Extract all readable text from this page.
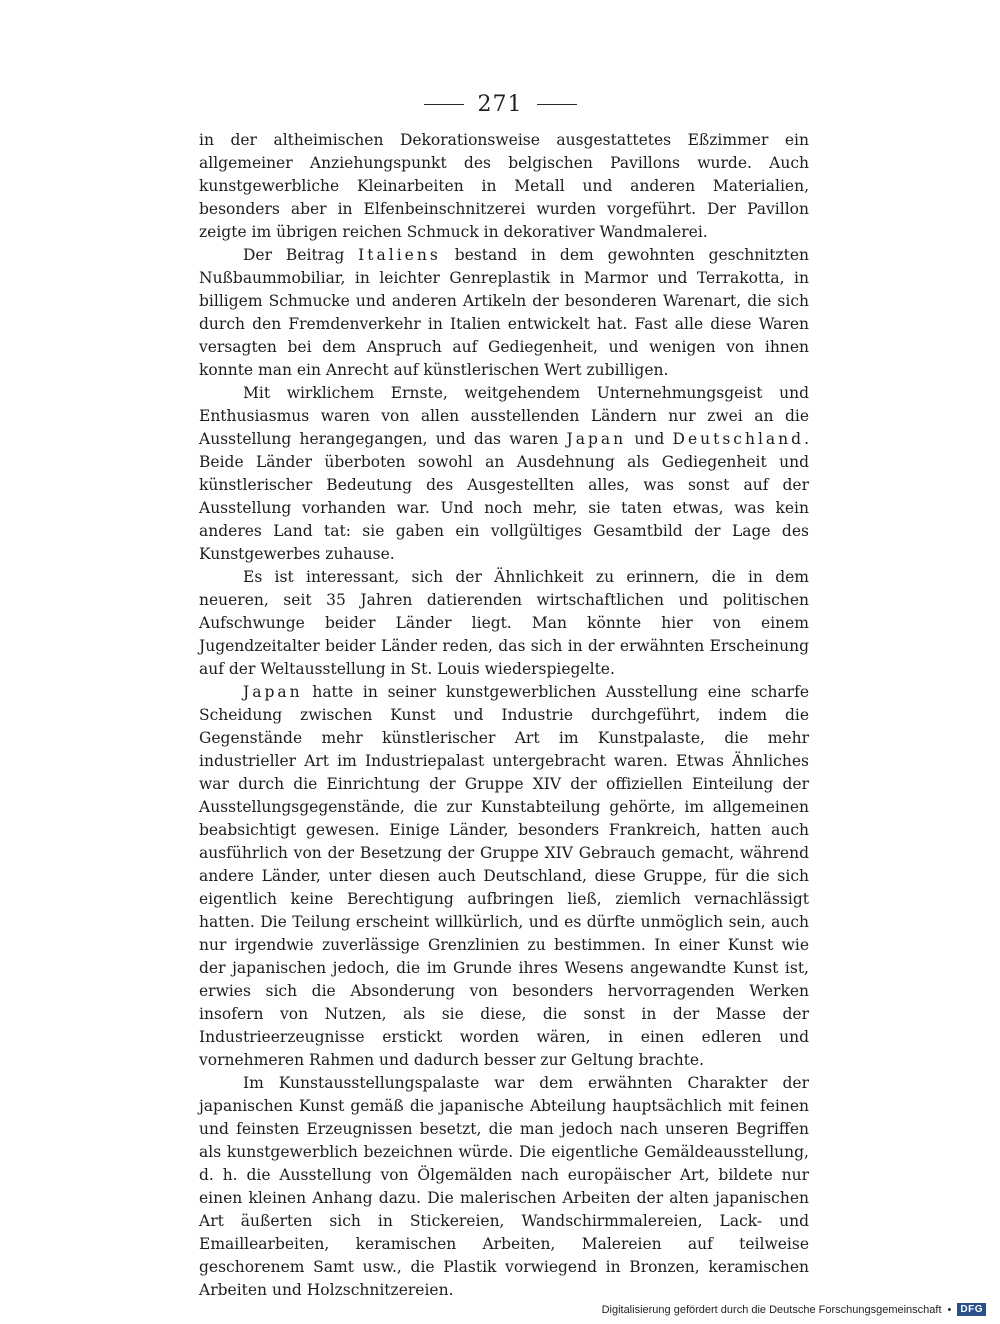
271

in der altheimischen Dekorationsweise ausgestattetes Eßzimmer ein allgemeiner Anziehungspunkt des belgischen Pavillons wurde. Auch kunstgewerbliche Kleinarbeiten in Metall und anderen Materialien, besonders aber in Elfenbeinschnitzerei wurden vorgeführt. Der Pavillon zeigte im übrigen reichen Schmuck in dekorativer Wandmalerei.

Der Beitrag Italiens bestand in dem gewohnten geschnitzten Nußbaummobiliar, in leichter Genreplastik in Marmor und Terrakotta, in billigem Schmucke und anderen Artikeln der besonderen Warenart, die sich durch den Fremdenverkehr in Italien entwickelt hat. Fast alle diese Waren versagten bei dem Anspruch auf Gediegenheit, und wenigen von ihnen konnte man ein Anrecht auf künstlerischen Wert zubilligen.

Mit wirklichem Ernste, weitgehendem Unternehmungsgeist und Enthusiasmus waren von allen ausstellenden Ländern nur zwei an die Ausstellung herangegangen, und das waren Japan und Deutschland. Beide Länder überboten sowohl an Ausdehnung als Gediegenheit und künstlerischer Bedeutung des Ausgestellten alles, was sonst auf der Ausstellung vorhanden war. Und noch mehr, sie taten etwas, was kein anderes Land tat: sie gaben ein vollgültiges Gesamtbild der Lage des Kunstgewerbes zuhause.

Es ist interessant, sich der Ähnlichkeit zu erinnern, die in dem neueren, seit 35 Jahren datierenden wirtschaftlichen und politischen Aufschwunge beider Länder liegt. Man könnte hier von einem Jugendzeitalter beider Länder reden, das sich in der erwähnten Erscheinung auf der Weltausstellung in St. Louis wiederspiegelte.

Japan hatte in seiner kunstgewerblichen Ausstellung eine scharfe Scheidung zwischen Kunst und Industrie durchgeführt, indem die Gegenstände mehr künstlerischer Art im Kunstpalaste, die mehr industrieller Art im Industriepalast untergebracht waren. Etwas Ähnliches war durch die Einrichtung der Gruppe XIV der offiziellen Einteilung der Ausstellungsgegenstände, die zur Kunstabteilung gehörte, im allgemeinen beabsichtigt gewesen. Einige Länder, besonders Frankreich, hatten auch ausführlich von der Besetzung der Gruppe XIV Gebrauch gemacht, während andere Länder, unter diesen auch Deutschland, diese Gruppe, für die sich eigentlich keine Berechtigung aufbringen ließ, ziemlich vernachlässigt hatten. Die Teilung erscheint willkürlich, und es dürfte unmöglich sein, auch nur irgendwie zuverlässige Grenzlinien zu bestimmen. In einer Kunst wie der japanischen jedoch, die im Grunde ihres Wesens angewandte Kunst ist, erwies sich die Absonderung von besonders hervorragenden Werken insofern von Nutzen, als sie diese, die sonst in der Masse der Industrieerzeugnisse erstickt worden wären, in einen edleren und vornehmeren Rahmen und dadurch besser zur Geltung brachte.

Im Kunstausstellungspalaste war dem erwähnten Charakter der japanischen Kunst gemäß die japanische Abteilung hauptsächlich mit feinen und feinsten Erzeugnissen besetzt, die man jedoch nach unseren Begriffen als kunstgewerblich bezeichnen würde. Die eigentliche Gemäldeausstellung, d. h. die Ausstellung von Ölgemälden nach europäischer Art, bildete nur einen kleinen Anhang dazu. Die malerischen Arbeiten der alten japanischen Art äußerten sich in Stickereien, Wandschirmmalereien, Lack- und Emaillearbeiten, keramischen Arbeiten, Malereien auf teilweise geschorenem Samt usw., die Plastik vorwiegend in Bronzen, keramischen Arbeiten und Holzschnitzereien.

Digitalisierung gefördert durch die Deutsche Forschungsgemeinschaft • DFG
